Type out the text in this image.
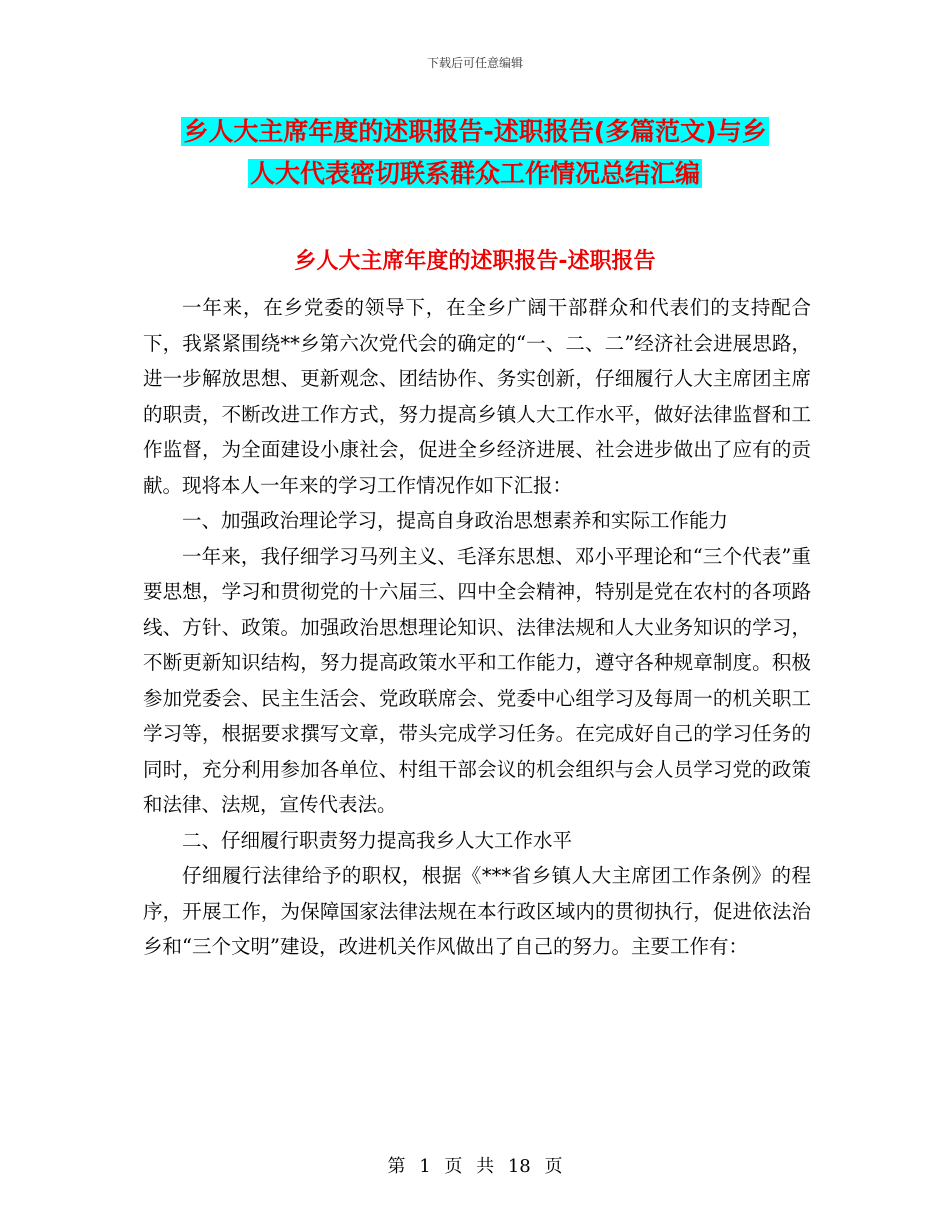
下载后可任意编辑
乡人大主席年度的述职报告-述职报告(多篇范文)与乡
人大代表密切联系群众工作情况总结汇编
乡人大主席年度的述职报告-述职报告

一年来，在乡党委的领导下，在全乡广阔干部群众和代表们的支持配合下，我紧紧围绕**乡第六次党代会的确定的“一、二、二”经济社会进展思路，进一步解放思想、更新观念、团结协作、务实创新，仔细履行人大主席团主席的职责，不断改进工作方式，努力提高乡镇人大工作水平，做好法律监督和工作监督，为全面建设小康社会，促进全乡经济进展、社会进步做出了应有的贡献。现将本人一年来的学习工作情况作如下汇报：

一、加强政治理论学习，提高自身政治思想素养和实际工作能力

一年来，我仔细学习马列主义、毛泽东思想、邓小平理论和“三个代表”重要思想，学习和贯彻党的十六届三、四中全会精神，特别是党在农村的各项路线、方针、政策。加强政治思想理论知识、法律法规和人大业务知识的学习，不断更新知识结构，努力提高政策水平和工作能力，遵守各种规章制度。积极参加党委会、民主生活会、党政联席会、党委中心组学习及每周一的机关职工学习等，根据要求撰写文章，带头完成学习任务。在完成好自己的学习任务的同时，充分利用参加各单位、村组干部会议的机会组织与会人员学习党的政策和法律、法规，宣传代表法。

二、仔细履行职责努力提高我乡人大工作水平

仔细履行法律给予的职权，根据《***省乡镇人大主席团工作条例》的程序，开展工作，为保障国家法律法规在本行政区域内的贯彻执行，促进依法治乡和“三个文明”建设，改进机关作风做出了自己的努力。主要工作有：

第 1 页 共 18 页
